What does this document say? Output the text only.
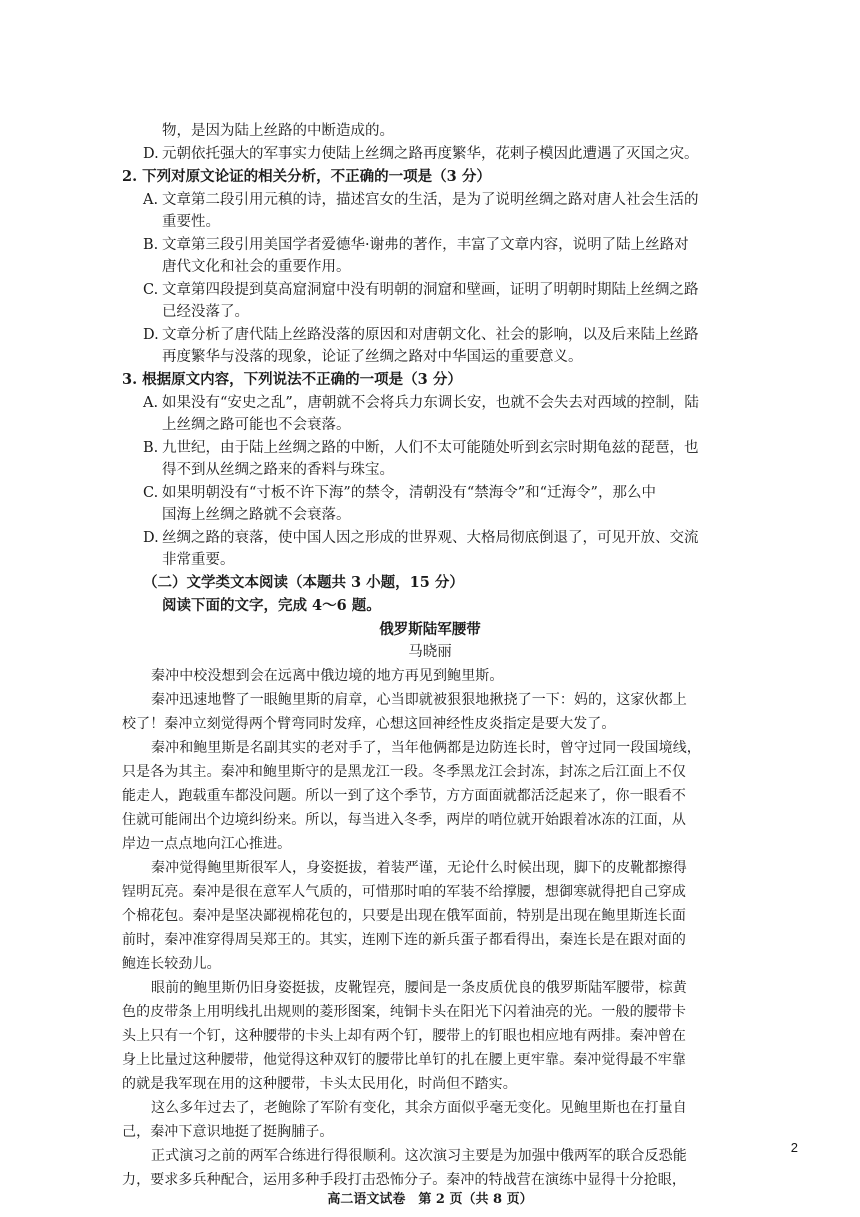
物，是因为陆上丝路的中断造成的。
D. 元朝依托强大的军事实力使陆上丝绸之路再度繁华，花剌子模因此遭遇了灭国之灾。
2. 下列对原文论证的相关分析，不正确的一项是（3 分）
A. 文章第二段引用元稹的诗，描述宫女的生活，是为了说明丝绸之路对唐人社会生活的
重要性。
B. 文章第三段引用美国学者爱德华·谢弗的著作，丰富了文章内容，说明了陆上丝路对
唐代文化和社会的重要作用。
C. 文章第四段提到莫高窟洞窟中没有明朝的洞窟和壁画，证明了明朝时期陆上丝绸之路
已经没落了。
D. 文章分析了唐代陆上丝路没落的原因和对唐朝文化、社会的影响，以及后来陆上丝路
再度繁华与没落的现象，论证了丝绸之路对中华国运的重要意义。
3. 根据原文内容，下列说法不正确的一项是（3 分）
A. 如果没有“安史之乱”，唐朝就不会将兵力东调长安，也就不会失去对西域的控制，陆
上丝绸之路可能也不会衰落。
B. 九世纪，由于陆上丝绸之路的中断，人们不太可能随处听到玄宗时期龟兹的琵琶，也
得不到从丝绸之路来的香料与珠宝。
C. 如果明朝没有“寸板不许下海”的禁令，清朝没有“禁海令”和“迁海令”，那么中
国海上丝绸之路就不会衰落。
D. 丝绸之路的衰落，使中国人因之形成的世界观、大格局彻底倒退了，可见开放、交流
非常重要。
（二）文学类文本阅读（本题共 3 小题，15 分）
阅读下面的文字，完成 4～6 题。
俄罗斯陆军腰带
马晓丽
秦冲中校没想到会在远离中俄边境的地方再见到鲍里斯。
秦冲迅速地瞥了一眼鲍里斯的肩章，心当即就被狠狠地揪挠了一下：妈的，这家伙都上
校了！秦冲立刻觉得两个臂弯同时发痒，心想这回神经性皮炎指定是要大发了。
秦冲和鲍里斯是名副其实的老对手了，当年他俩都是边防连长时，曾守过同一段国境线，
只是各为其主。秦冲和鲍里斯守的是黑龙江一段。冬季黑龙江会封冻，封冻之后江面上不仅
能走人，跑载重车都没问题。所以一到了这个季节，方方面面就都活泛起来了，你一眼看不
住就可能闹出个边境纠纷来。所以，每当进入冬季，两岸的哨位就开始跟着冰冻的江面，从
岸边一点点地向江心推进。
秦冲觉得鲍里斯很军人，身姿挺拔，着装严谨，无论什么时候出现，脚下的皮靴都擦得
锃明瓦亮。秦冲是很在意军人气质的，可惜那时咱的军装不给撑腰，想御寒就得把自己穿成
个棉花包。秦冲是坚决鄙视棉花包的，只要是出现在俄军面前，特别是出现在鲍里斯连长面
前时，秦冲准穿得周吴郑王的。其实，连刚下连的新兵蛋子都看得出，秦连长是在跟对面的
鲍连长较劲儿。
眼前的鲍里斯仍旧身姿挺拔，皮靴锃亮，腰间是一条皮质优良的俄罗斯陆军腰带，棕黄
色的皮带条上用明线扎出规则的菱形图案，纯铜卡头在阳光下闪着油亮的光。一般的腰带卡
头上只有一个钉，这种腰带的卡头上却有两个钉，腰带上的钉眼也相应地有两排。秦冲曾在
身上比量过这种腰带，他觉得这种双钉的腰带比单钉的扎在腰上更牢靠。秦冲觉得最不牢靠
的就是我军现在用的这种腰带，卡头太民用化，时尚但不踏实。
这么多年过去了，老鲍除了军阶有变化，其余方面似乎毫无变化。见鲍里斯也在打量自
己，秦冲下意识地挺了挺胸脯子。
正式演习之前的两军合练进行得很顺利。这次演习主要是为加强中俄两军的联合反恐能
力，要求多兵种配合，运用多种手段打击恐怖分子。秦冲的特战营在演练中显得十分抢眼，
高二语文试卷　第 2 页（共 8 页）
2
